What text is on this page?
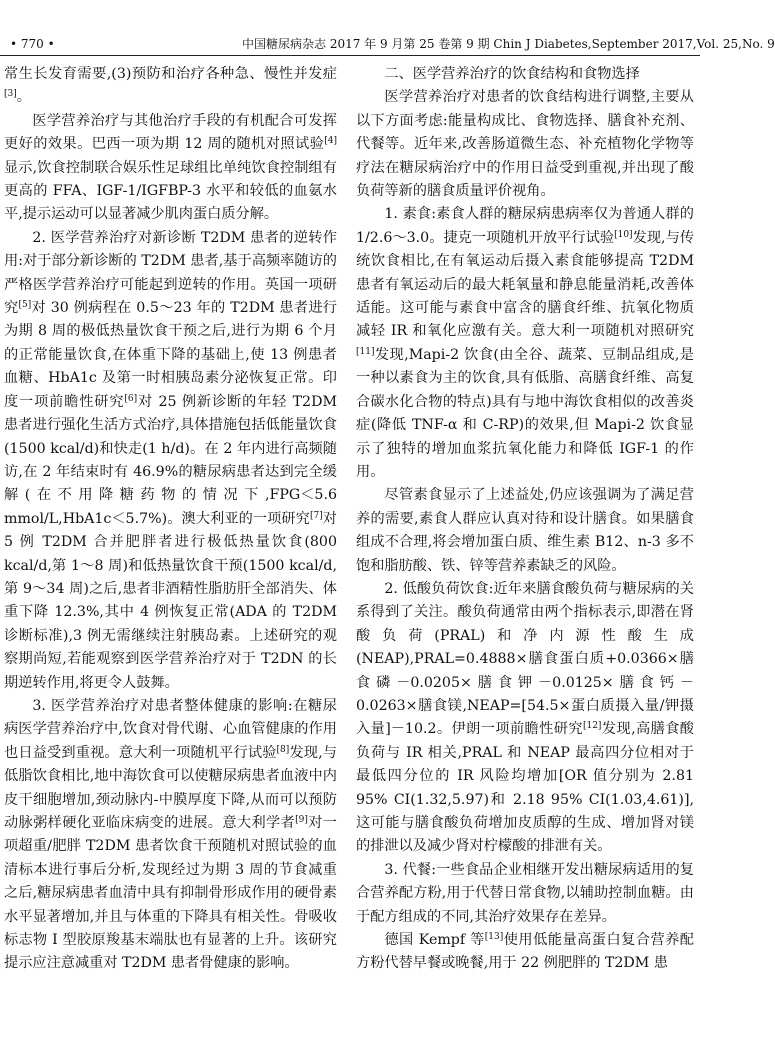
• 770 •	中国糖尿病杂志 2017 年 9 月第 25 卷第 9 期 Chin J Diabetes,September 2017,Vol. 25,No. 9

常生长发育需要,(3)预防和治疗各种急、慢性并发症[3]。

医学营养治疗与其他治疗手段的有机配合可发挥更好的效果。巴西一项为期 12 周的随机对照试验[4]显示,饮食控制联合娱乐性足球组比单纯饮食控制组有更高的 FFA、IGF-1/IGFBP-3 水平和较低的血氨水平,提示运动可以显著减少肌肉蛋白质分解。

2. 医学营养治疗对新诊断 T2DM 患者的逆转作用:对于部分新诊断的 T2DM 患者,基于高频率随访的严格医学营养治疗可能起到逆转的作用。英国一项研究[5]对 30 例病程在 0.5～23 年的 T2DM 患者进行为期 8 周的极低热量饮食干预之后,进行为期 6 个月的正常能量饮食,在体重下降的基础上,使 13 例患者血糖、HbA1c 及第一时相胰岛素分泌恢复正常。印度一项前瞻性研究[6]对 25 例新诊断的年轻 T2DM 患者进行强化生活方式治疗,具体措施包括低能量饮食(1500 kcal/d)和快走(1 h/d)。在 2 年内进行高频随访,在 2 年结束时有 46.9%的糖尿病患者达到完全缓解(在不用降糖药物的情况下,FPG＜5.6 mmol/L,HbA1c＜5.7%)。澳大利亚的一项研究[7]对 5 例 T2DM 合并肥胖者进行极低热量饮食(800 kcal/d,第 1～8 周)和低热量饮食干预(1500 kcal/d,第 9～34 周)之后,患者非酒精性脂肪肝全部消失、体重下降 12.3%,其中 4 例恢复正常(ADA 的 T2DM 诊断标准),3 例无需继续注射胰岛素。上述研究的观察期尚短,若能观察到医学营养治疗对于 T2DN 的长期逆转作用,将更令人鼓舞。

3. 医学营养治疗对患者整体健康的影响:在糖尿病医学营养治疗中,饮食对骨代谢、心血管健康的作用也日益受到重视。意大利一项随机平行试验[8]发现,与低脂饮食相比,地中海饮食可以使糖尿病患者血液中内皮干细胞增加,颈动脉内-中膜厚度下降,从而可以预防动脉粥样硬化亚临床病变的进展。意大利学者[9]对一项超重/肥胖 T2DM 患者饮食干预随机对照试验的血清标本进行事后分析,发现经过为期 3 周的节食减重之后,糖尿病患者血清中具有抑制骨形成作用的硬骨素水平显著增加,并且与体重的下降具有相关性。骨吸收标志物 I 型胶原羧基末端肽也有显著的上升。该研究提示应注意减重对 T2DM 患者骨健康的影响。

二、医学营养治疗的饮食结构和食物选择

医学营养治疗对患者的饮食结构进行调整,主要从以下方面考虑:能量构成比、食物选择、膳食补充剂、代餐等。近年来,改善肠道微生态、补充植物化学物等疗法在糖尿病治疗中的作用日益受到重视,并出现了酸负荷等新的膳食质量评价视角。

1. 素食:素食人群的糖尿病患病率仅为普通人群的 1/2.6～3.0。捷克一项随机开放平行试验[10]发现,与传统饮食相比,在有氧运动后摄入素食能够提高 T2DM 患者有氧运动后的最大耗氧量和静息能量消耗,改善体适能。这可能与素食中富含的膳食纤维、抗氧化物质减轻 IR 和氧化应激有关。意大利一项随机对照研究[11]发现,Mapi-2 饮食(由全谷、蔬菜、豆制品组成,是一种以素食为主的饮食,具有低脂、高膳食纤维、高复合碳水化合物的特点)具有与地中海饮食相似的改善炎症(降低 TNF-α 和 C-RP)的效果,但 Mapi-2 饮食显示了独特的增加血浆抗氧化能力和降低 IGF-1 的作用。

尽管素食显示了上述益处,仍应该强调为了满足营养的需要,素食人群应认真对待和设计膳食。如果膳食组成不合理,将会增加蛋白质、维生素 B12、n-3 多不饱和脂肪酸、铁、锌等营养素缺乏的风险。

2. 低酸负荷饮食:近年来膳食酸负荷与糖尿病的关系得到了关注。酸负荷通常由两个指标表示,即潜在肾酸负荷(PRAL)和净内源性酸生成(NEAP),PRAL=0.4888×膳食蛋白质+0.0366×膳食磷－0.0205×膳食钾－0.0125×膳食钙－0.0263×膳食镁,NEAP=[54.5×蛋白质摄入量/钾摄入量]－10.2。伊朗一项前瞻性研究[12]发现,高膳食酸负荷与 IR 相关,PRAL 和 NEAP 最高四分位相对于最低四分位的 IR 风险均增加[OR 值分别为 2.81 95% CI(1.32,5.97)和 2.18 95% CI(1.03,4.61)],这可能与膳食酸负荷增加皮质醇的生成、增加肾对镁的排泄以及减少肾对柠檬酸的排泄有关。

3. 代餐:一些食品企业相继开发出糖尿病适用的复合营养配方粉,用于代替日常食物,以辅助控制血糖。由于配方组成的不同,其治疗效果存在差异。

德国 Kempf 等[13]使用低能量高蛋白复合营养配方粉代替早餐或晚餐,用于 22 例肥胖的 T2DM 患
